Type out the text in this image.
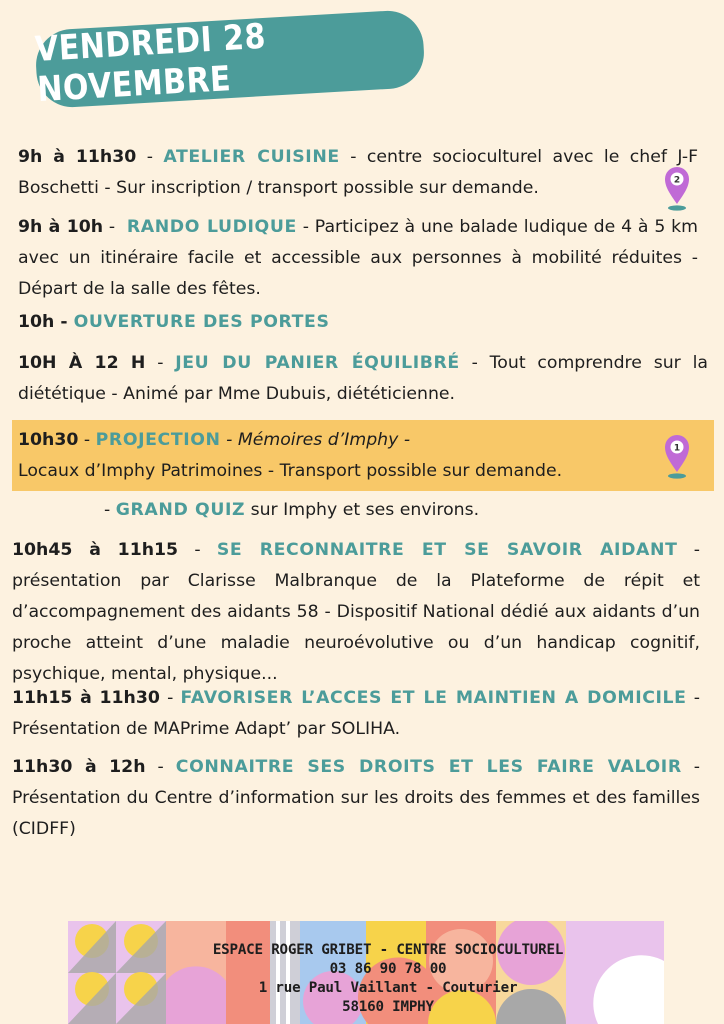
VENDREDI 28 NOVEMBRE
9h à 11h30 - ATELIER CUISINE - centre socioculturel avec le chef J-F Boschetti - Sur inscription / transport possible sur demande.	2
9h à 10h -  RANDO LUDIQUE - Participez à une balade ludique de 4 à 5 km avec un itinéraire facile et accessible aux personnes à mobilité réduites - Départ de la salle des fêtes.
10h - OUVERTURE DES PORTES
10H À 12 H - JEU DU PANIER ÉQUILIBRÉ - Tout comprendre sur la diététique - Animé par Mme Dubuis, diététicienne.
10h30 - PROJECTION - Mémoires d’Imphy -
Locaux d’Imphy Patrimoines - Transport possible sur demande.
1
- GRAND QUIZ sur Imphy et ses environs.
10h45 à 11h15 - SE RECONNAITRE ET SE SAVOIR AIDANT - présentation par Clarisse Malbranque de la Plateforme de répit et d’accompagnement des aidants 58 - Dispositif National dédié aux aidants d’un proche atteint d’une maladie neuroévolutive ou d’un handicap cognitif, psychique, mental, physique...
11h15 à 11h30 - FAVORISER L’ACCES ET LE MAINTIEN A DOMICILE - Présentation de MAPrime Adapt’ par SOLIHA.
11h30 à 12h - CONNAITRE SES DROITS ET LES FAIRE VALOIR - Présentation du Centre d’information sur les droits des femmes et des familles (CIDFF)
ESPACE ROGER GRIBET - CENTRE SOCIOCULTUREL
03 86 90 78 00
1 rue Paul Vaillant - Couturier
58160 IMPHY
